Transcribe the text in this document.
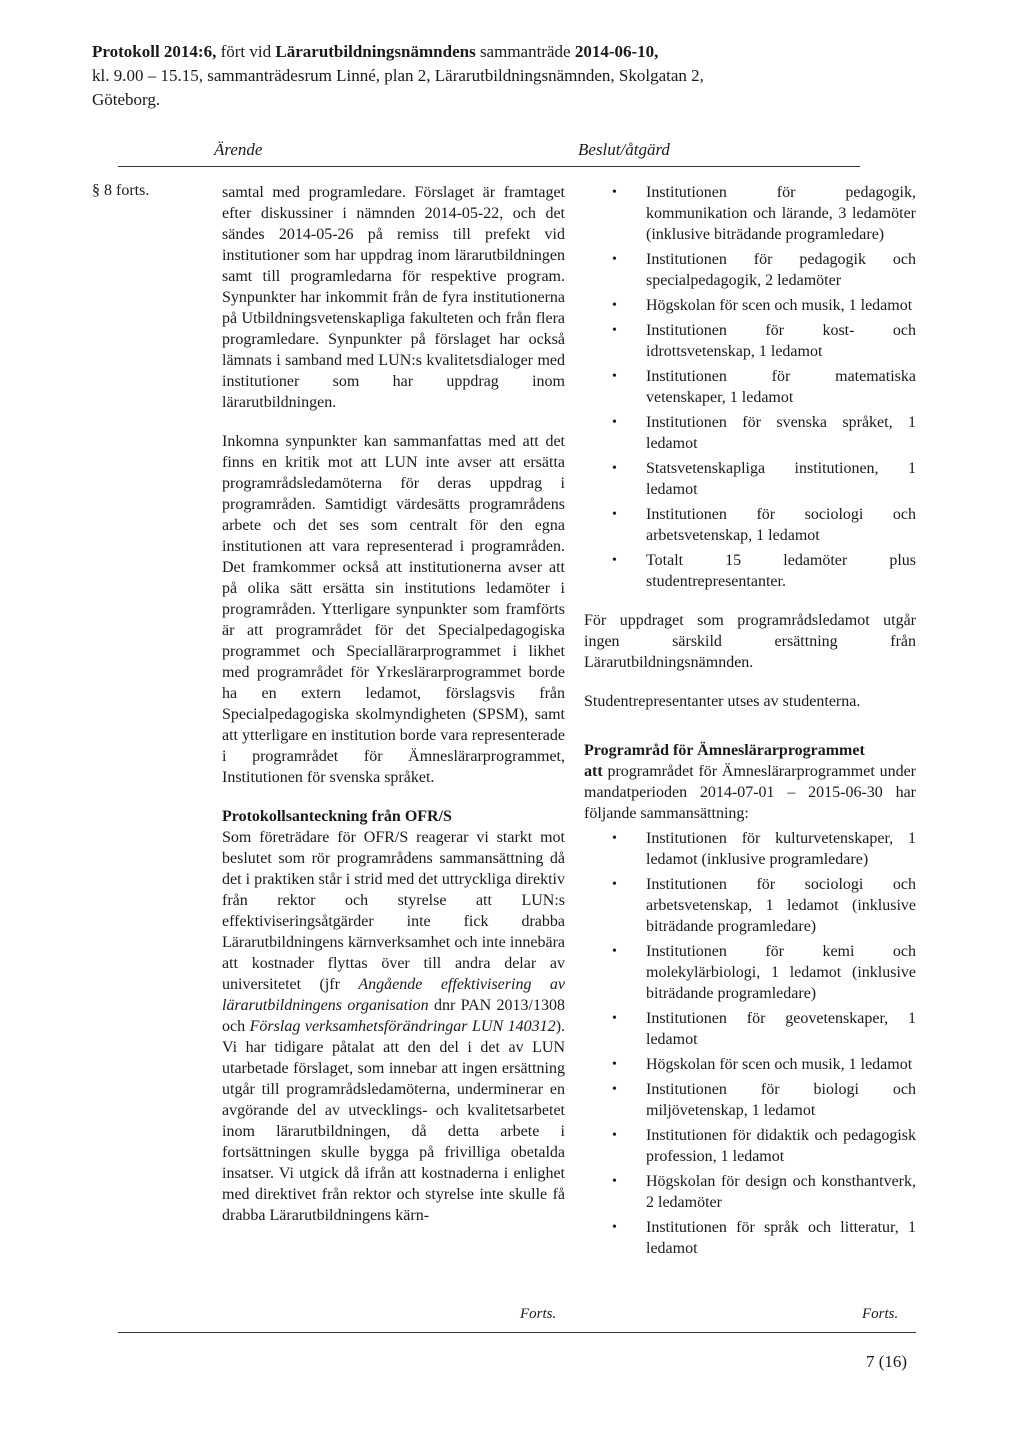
Protokoll 2014:6, fört vid Lärarutbildningsnämndens sammanträde 2014-06-10,
kl. 9.00 – 15.15, sammanträdesrum Linné, plan 2, Lärarutbildningsnämnden, Skolgatan 2,
Göteborg.
Ärende	Beslut/åtgärd
§ 8 forts.	samtal med programledare. Förslaget är framtaget efter diskussiner i nämnden 2014-05-22, och det sändes 2014-05-26 på remiss till prefekt vid institutioner som har uppdrag inom lärarutbildningen samt till programledarna för respektive program. Synpunkter har inkommit från de fyra institutionerna på Utbildningsvetenskapliga fakulteten och från flera programledare. Synpunkter på förslaget har också lämnats i samband med LUN:s kvalitetsdialoger med institutioner som har uppdrag inom lärarutbildningen.

Inkomna synpunkter kan sammanfattas med att det finns en kritik mot att LUN inte avser att ersätta programrådsledamöterna för deras uppdrag i programråden. Samtidigt värdesätts programrådens arbete och det ses som centralt för den egna institutionen att vara representerad i programråden. Det framkommer också att institutionerna avser att på olika sätt ersätta sin institutions ledamöter i programråden. Ytterligare synpunkter som framförts är att programrådet för det Specialpedagogiska programmet och Speciallärarprogrammet i likhet med programrådet för Yrkeslärarprogrammet borde ha en extern ledamot, förslagsvis från Specialpedagogiska skolmyndigheten (SPSM), samt att ytterligare en institution borde vara representerade i programrådet för Ämneslärarprogrammet, Institutionen för svenska språket.

Protokollsanteckning från OFR/S

Som företrädare för OFR/S reagerar vi starkt mot beslutet som rör programrådens sammansättning då det i praktiken står i strid med det uttryckliga direktiv från rektor och styrelse att LUN:s effektiviseringsåtgärder inte fick drabba Lärarutbildningens kärnverksamhet och inte innebära att kostnader flyttas över till andra delar av universitetet (jfr Angående effektivisering av lärarutbildningens organisation dnr PAN 2013/1308 och Förslag verksamhetsförändringar LUN 140312). Vi har tidigare påtalat att den del i det av LUN utarbetade förslaget, som innebar att ingen ersättning utgår till programrådsledamöterna, underminerar en avgörande del av utvecklings- och kvalitetsarbetet inom lärarutbildningen, då detta arbete i fortsättningen skulle bygga på frivilliga obetalda insatser. Vi utgick då ifrån att kostnaderna i enlighet med direktivet från rektor och styrelse inte skulle få drabba Lärarutbildningens kärn-

• Institutionen för pedagogik, kommunikation och lärande, 3 ledamöter (inklusive biträdande programledare)
• Institutionen för pedagogik och specialpedagogik, 2 ledamöter
• Högskolan för scen och musik, 1 ledamot
• Institutionen för kost- och idrottsvetenskap, 1 ledamot
• Institutionen för matematiska vetenskaper, 1 ledamot
• Institutionen för svenska språket, 1 ledamot
• Statsvetenskapliga institutionen, 1 ledamot
• Institutionen för sociologi och arbetsvetenskap, 1 ledamot
• Totalt 15 ledamöter plus studentrepresentanter.

För uppdraget som programrådsledamot utgår ingen särskild ersättning från Lärarutbildningsnämnden.

Studentrepresentanter utses av studenterna.

Programråd för Ämneslärarprogrammet

att programrådet för Ämneslärarprogrammet under mandatperioden 2014-07-01 – 2015-06-30 har följande sammansättning:

• Institutionen för kulturvetenskaper, 1 ledamot (inklusive programledare)
• Institutionen för sociologi och arbetsvetenskap, 1 ledamot (inklusive biträdande programledare)
• Institutionen för kemi och molekylärbiologi, 1 ledamot (inklusive biträdande programledare)
• Institutionen för geovetenskaper, 1 ledamot
• Högskolan för scen och musik, 1 ledamot
• Institutionen för biologi och miljövetenskap, 1 ledamot
• Institutionen för didaktik och pedagogisk profession, 1 ledamot
• Högskolan för design och konsthantverk, 2 ledamöter
• Institutionen för språk och litteratur, 1 ledamot
Forts.	Forts.
7 (16)
